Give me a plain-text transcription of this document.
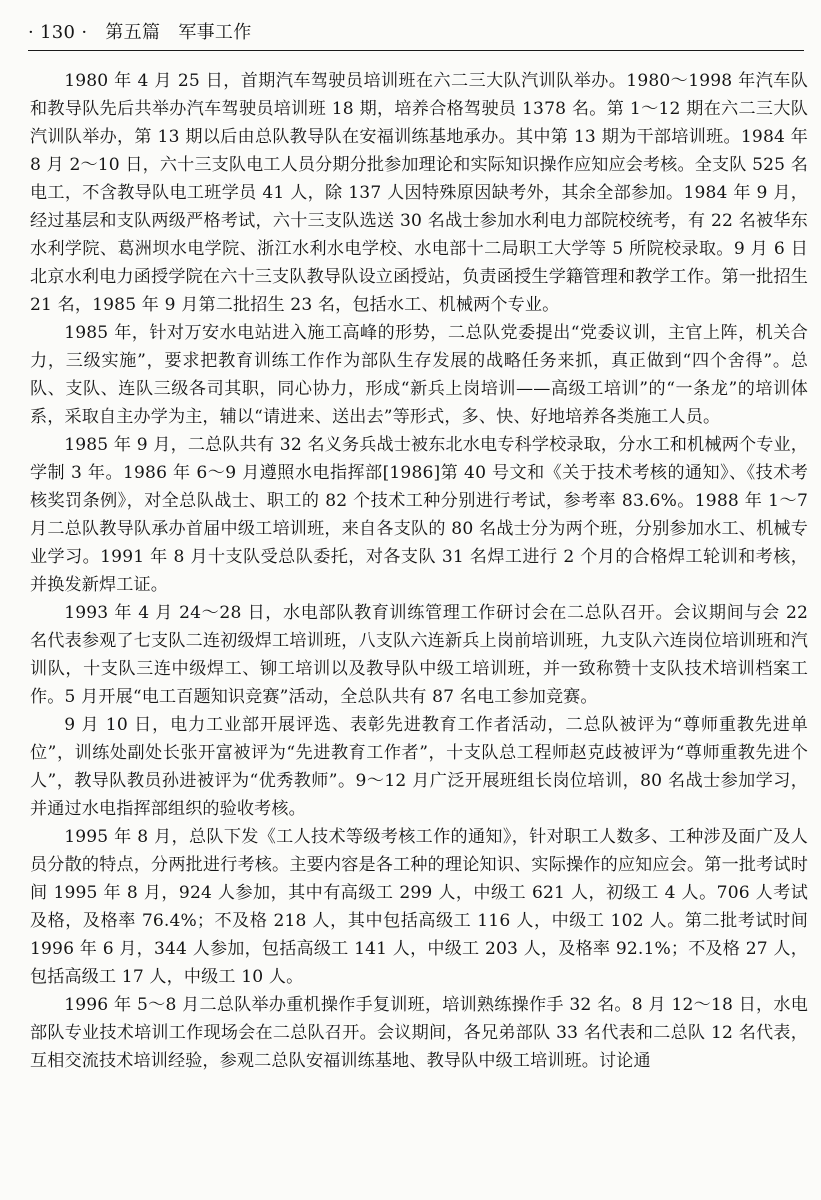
· 130 · 第五篇 军事工作

1980 年 4 月 25 日，首期汽车驾驶员培训班在六二三大队汽训队举办。1980～1998 年汽车队和教导队先后共举办汽车驾驶员培训班 18 期，培养合格驾驶员 1378 名。第 1～12 期在六二三大队汽训队举办，第 13 期以后由总队教导队在安福训练基地承办。其中第 13 期为干部培训班。1984 年 8 月 2～10 日，六十三支队电工人员分期分批参加理论和实际知识操作应知应会考核。全支队 525 名电工，不含教导队电工班学员 41 人，除 137 人因特殊原因缺考外，其余全部参加。1984 年 9 月，经过基层和支队两级严格考试，六十三支队选送 30 名战士参加水利电力部院校统考，有 22 名被华东水利学院、葛洲坝水电学院、浙江水利水电学校、水电部十二局职工大学等 5 所院校录取。9 月 6 日北京水利电力函授学院在六十三支队教导队设立函授站，负责函授生学籍管理和教学工作。第一批招生 21 名，1985 年 9 月第二批招生 23 名，包括水工、机械两个专业。

1985 年，针对万安水电站进入施工高峰的形势，二总队党委提出“党委议训，主官上阵，机关合力，三级实施”，要求把教育训练工作作为部队生存发展的战略任务来抓，真正做到“四个舍得”。总队、支队、连队三级各司其职，同心协力，形成“新兵上岗培训——高级工培训”的“一条龙”的培训体系，采取自主办学为主，辅以“请进来、送出去”等形式，多、快、好地培养各类施工人员。

1985 年 9 月，二总队共有 32 名义务兵战士被东北水电专科学校录取，分水工和机械两个专业，学制 3 年。1986 年 6～9 月遵照水电指挥部[1986]第 40 号文和《关于技术考核的通知》、《技术考核奖罚条例》，对全总队战士、职工的 82 个技术工种分别进行考试，参考率 83.6%。1988 年 1～7 月二总队教导队承办首届中级工培训班，来自各支队的 80 名战士分为两个班，分别参加水工、机械专业学习。1991 年 8 月十支队受总队委托，对各支队 31 名焊工进行 2 个月的合格焊工轮训和考核，并换发新焊工证。

1993 年 4 月 24～28 日，水电部队教育训练管理工作研讨会在二总队召开。会议期间与会 22 名代表参观了七支队二连初级焊工培训班，八支队六连新兵上岗前培训班，九支队六连岗位培训班和汽训队，十支队三连中级焊工、铆工培训以及教导队中级工培训班，并一致称赞十支队技术培训档案工作。5 月开展“电工百题知识竞赛”活动，全总队共有 87 名电工参加竞赛。

9 月 10 日，电力工业部开展评选、表彰先进教育工作者活动，二总队被评为“尊师重教先进单位”，训练处副处长张开富被评为“先进教育工作者”，十支队总工程师赵克歧被评为“尊师重教先进个人”，教导队教员孙进被评为“优秀教师”。9～12 月广泛开展班组长岗位培训，80 名战士参加学习，并通过水电指挥部组织的验收考核。

1995 年 8 月，总队下发《工人技术等级考核工作的通知》，针对职工人数多、工种涉及面广及人员分散的特点，分两批进行考核。主要内容是各工种的理论知识、实际操作的应知应会。第一批考试时间 1995 年 8 月，924 人参加，其中有高级工 299 人，中级工 621 人，初级工 4 人。706 人考试及格，及格率 76.4%；不及格 218 人，其中包括高级工 116 人，中级工 102 人。第二批考试时间 1996 年 6 月，344 人参加，包括高级工 141 人，中级工 203 人，及格率 92.1%；不及格 27 人，包括高级工 17 人，中级工 10 人。

1996 年 5～8 月二总队举办重机操作手复训班，培训熟练操作手 32 名。8 月 12～18 日，水电部队专业技术培训工作现场会在二总队召开。会议期间，各兄弟部队 33 名代表和二总队 12 名代表，互相交流技术培训经验，参观二总队安福训练基地、教导队中级工培训班。讨论通
